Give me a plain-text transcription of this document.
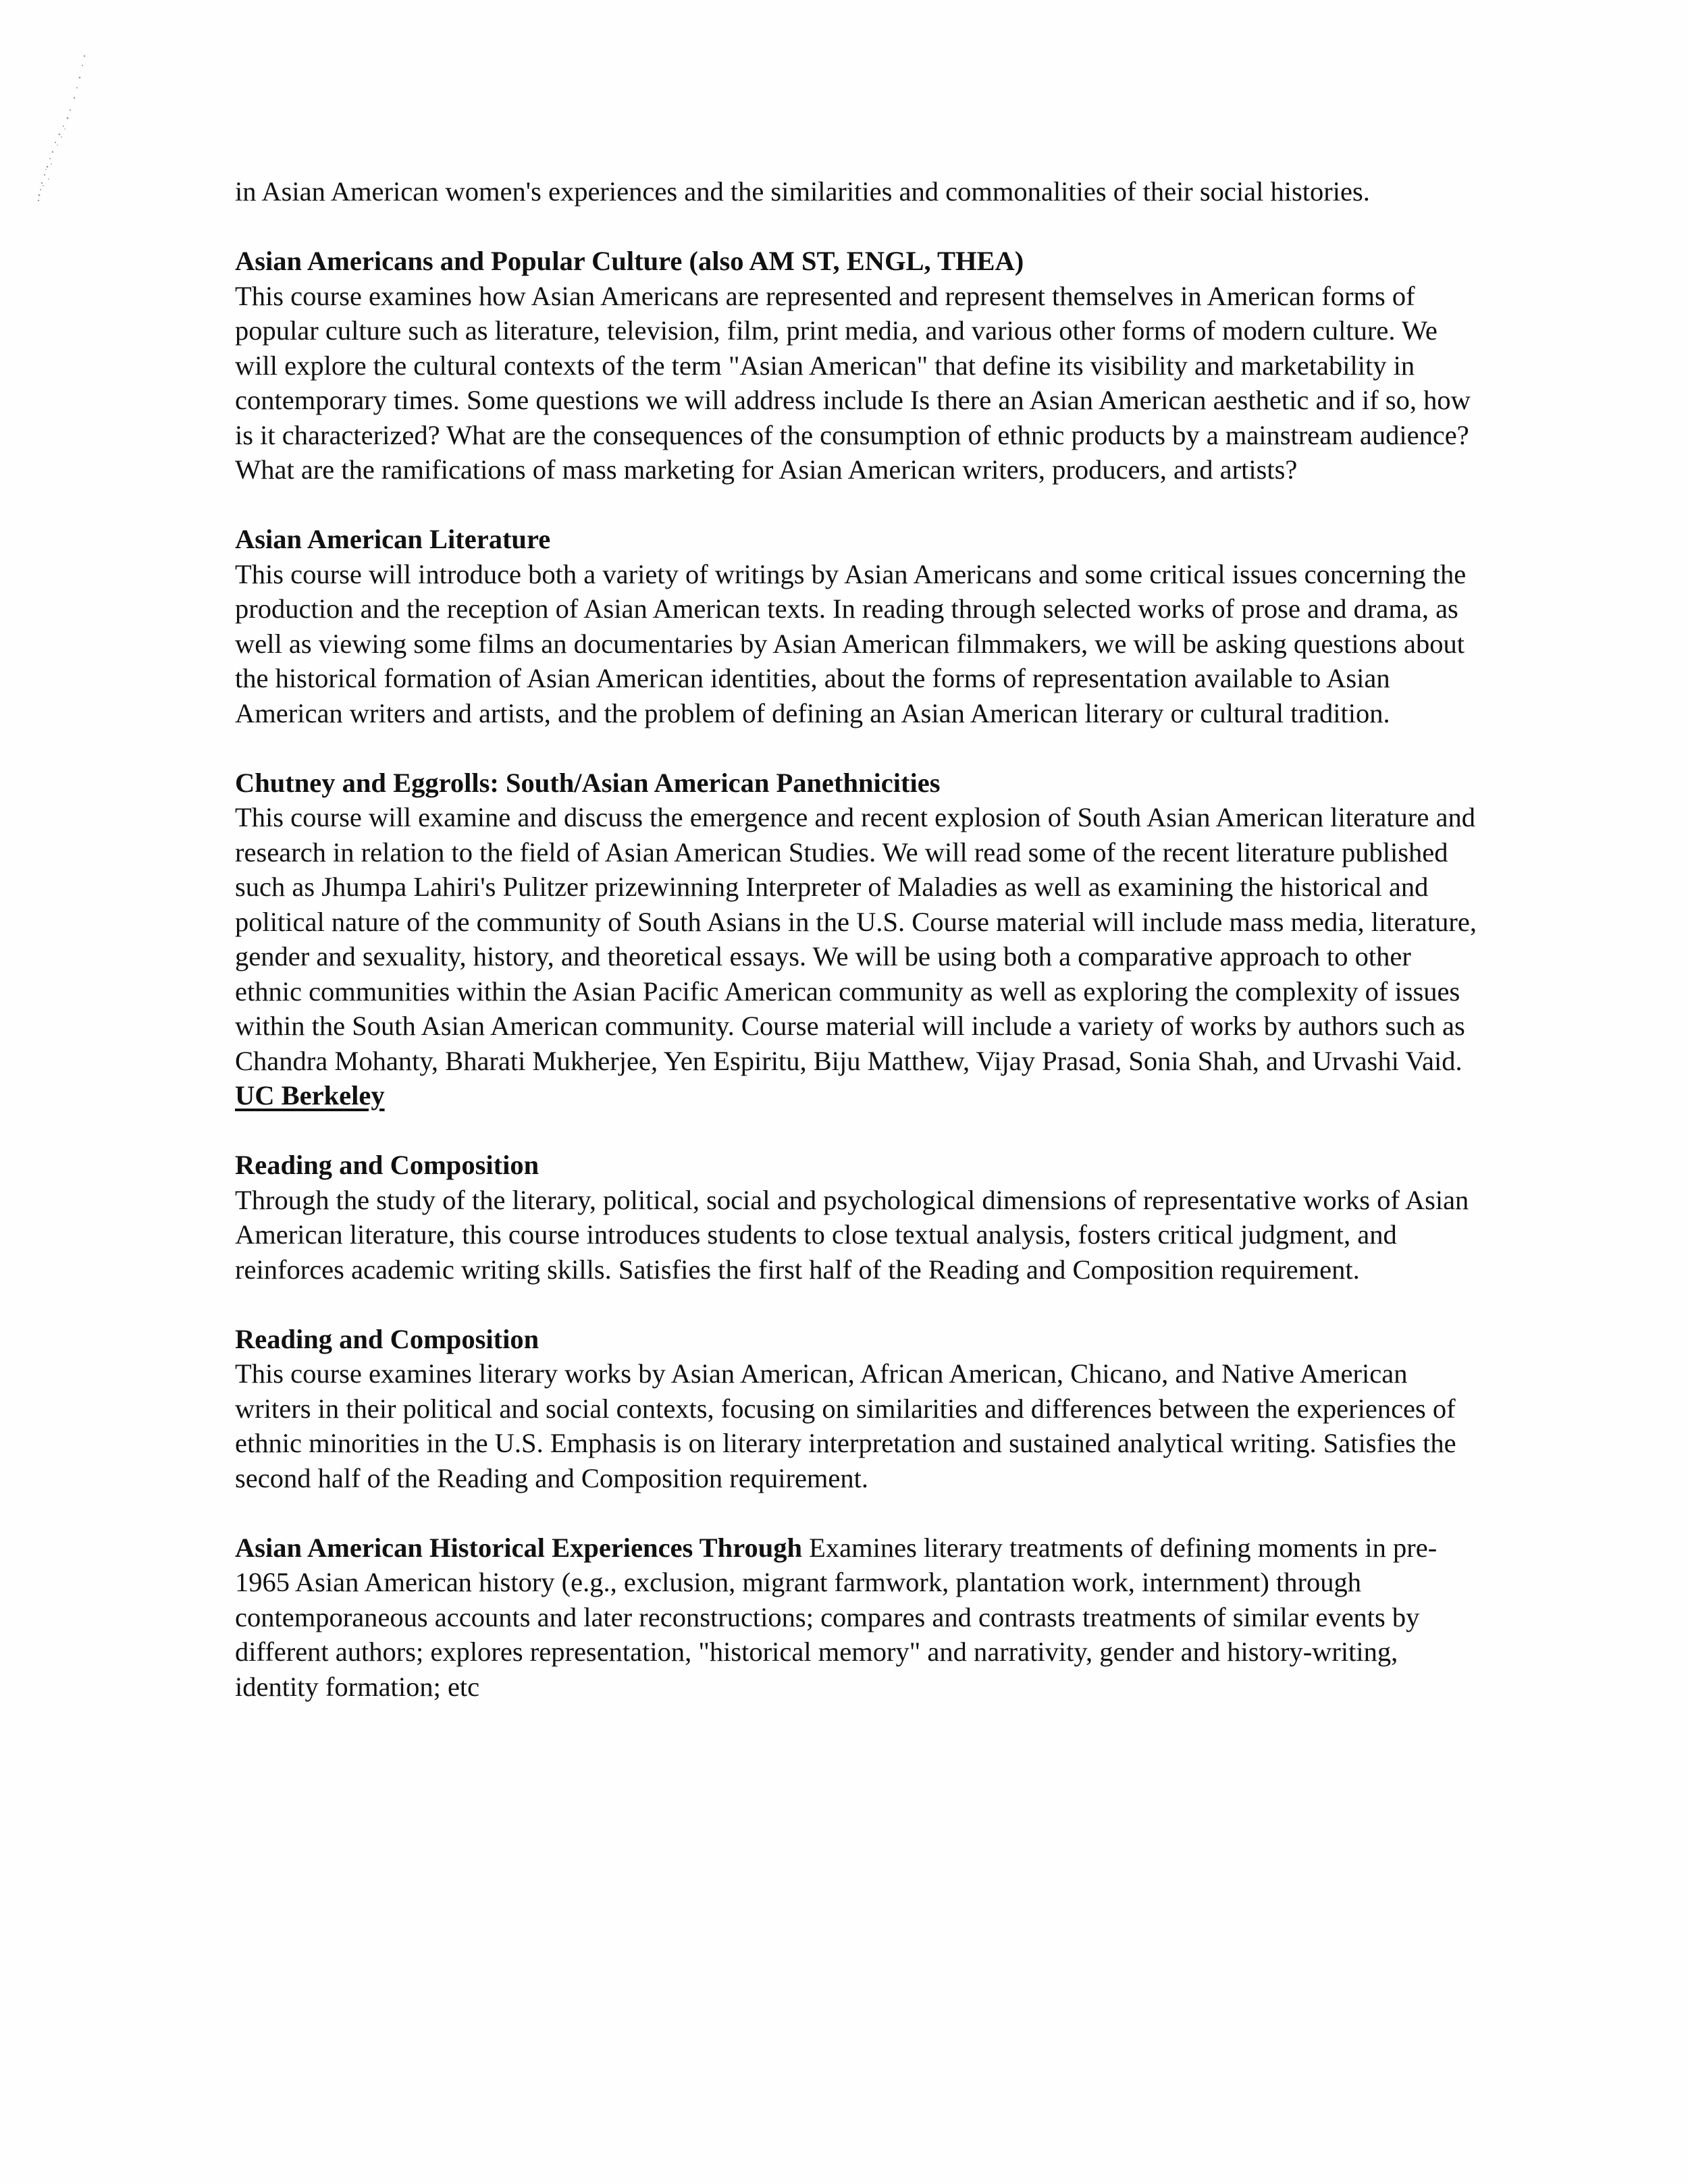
in Asian American women's experiences and the similarities and commonalities of their social histories.
Asian Americans and Popular Culture (also AM ST, ENGL, THEA)
This course examines how Asian Americans are represented and represent themselves in American forms of popular culture such as literature, television, film, print media, and various other forms of modern culture. We will explore the cultural contexts of the term "Asian American" that define its visibility and marketability in contemporary times. Some questions we will address include Is there an Asian American aesthetic and if so, how is it characterized? What are the consequences of the consumption of ethnic products by a mainstream audience? What are the ramifications of mass marketing for Asian American writers, producers, and artists?
Asian American Literature
This course will introduce both a variety of writings by Asian Americans and some critical issues concerning the production and the reception of Asian American texts. In reading through selected works of prose and drama, as well as viewing some films an documentaries by Asian American filmmakers, we will be asking questions about the historical formation of Asian American identities, about the forms of representation available to Asian American writers and artists, and the problem of defining an Asian American literary or cultural tradition.
Chutney and Eggrolls: South/Asian American Panethnicities
This course will examine and discuss the emergence and recent explosion of South Asian American literature and research in relation to the field of Asian American Studies. We will read some of the recent literature published such as Jhumpa Lahiri's Pulitzer prizewinning Interpreter of Maladies as well as examining the historical and political nature of the community of South Asians in the U.S. Course material will include mass media, literature, gender and sexuality, history, and theoretical essays. We will be using both a comparative approach to other ethnic communities within the Asian Pacific American community as well as exploring the complexity of issues within the South Asian American community. Course material will include a variety of works by authors such as Chandra Mohanty, Bharati Mukherjee, Yen Espiritu, Biju Matthew, Vijay Prasad, Sonia Shah, and Urvashi Vaid.
UC Berkeley
Reading and Composition
Through the study of the literary, political, social and psychological dimensions of representative works of Asian American literature, this course introduces students to close textual analysis, fosters critical judgment, and reinforces academic writing skills. Satisfies the first half of the Reading and Composition requirement.
Reading and Composition
This course examines literary works by Asian American, African American, Chicano, and Native American writers in their political and social contexts, focusing on similarities and differences between the experiences of ethnic minorities in the U.S. Emphasis is on literary interpretation and sustained analytical writing. Satisfies the second half of the Reading and Composition requirement.
Asian American Historical Experiences Through Examines literary treatments of defining moments in pre-1965 Asian American history (e.g., exclusion, migrant farmwork, plantation work, internment) through contemporaneous accounts and later reconstructions; compares and contrasts treatments of similar events by different authors; explores representation, "historical memory" and narrativity, gender and history-writing, identity formation; etc
